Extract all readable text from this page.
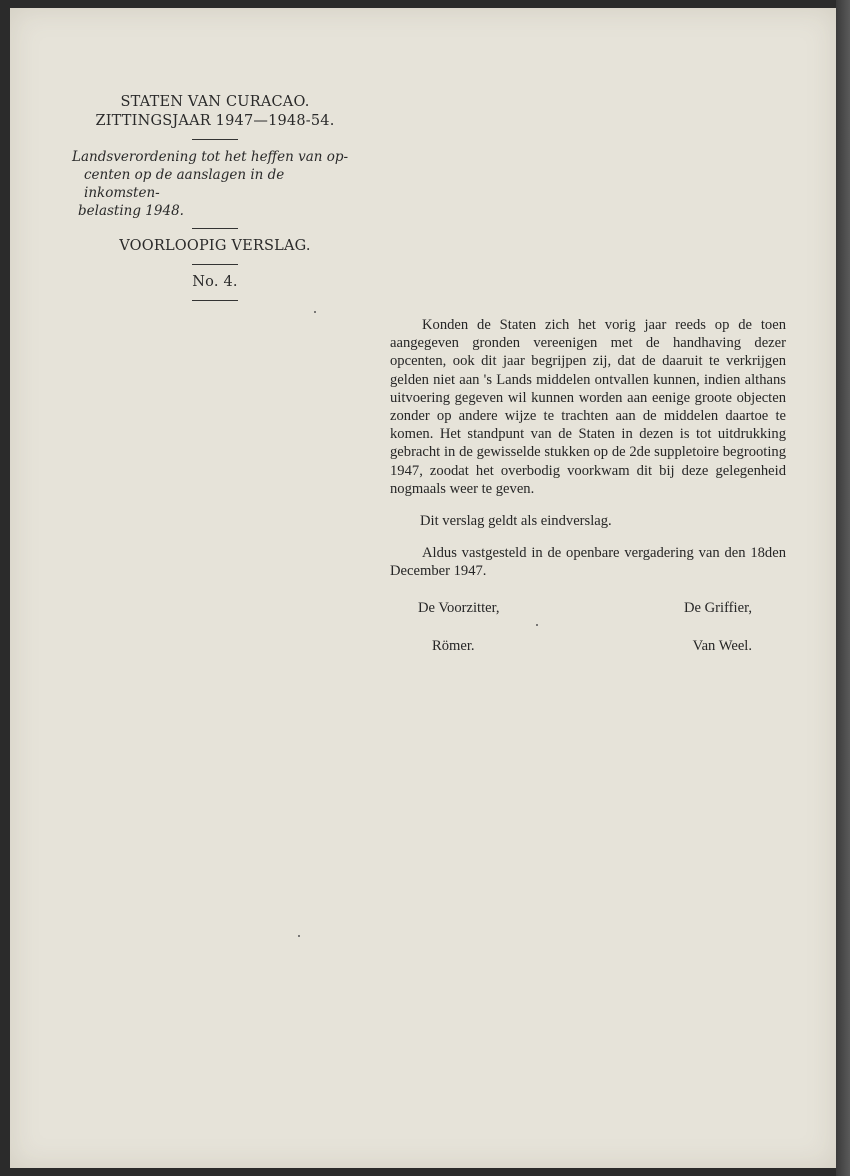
STATEN VAN CURACAO.
ZITTINGSJAAR 1947—1948-54.
Landsverordening tot het heffen van op-
centen op de aanslagen in de inkomsten-
belasting 1948.
VOORLOOPIG VERSLAG.
No. 4.

Konden de Staten zich het vorig jaar reeds op de toen aangegeven gronden vereenigen met de handhaving dezer opcenten, ook dit jaar begrijpen zij, dat de daaruit te verkrijgen gelden niet aan 's Lands middelen ontvallen kunnen, indien althans uitvoering gegeven wil kunnen worden aan eenige groote objecten zonder op andere wijze te trachten aan de middelen daartoe te komen. Het standpunt van de Staten in dezen is tot uitdrukking gebracht in de gewisselde stukken op de 2de suppletoire begrooting 1947, zoodat het overbodig voorkwam dit bij deze gelegenheid nogmaals weer te geven.

Dit verslag geldt als eindverslag.

Aldus vastgesteld in de openbare vergadering van den 18den December 1947.

De Voorzitter,	De Griffier,
Römer.	Van Weel.
